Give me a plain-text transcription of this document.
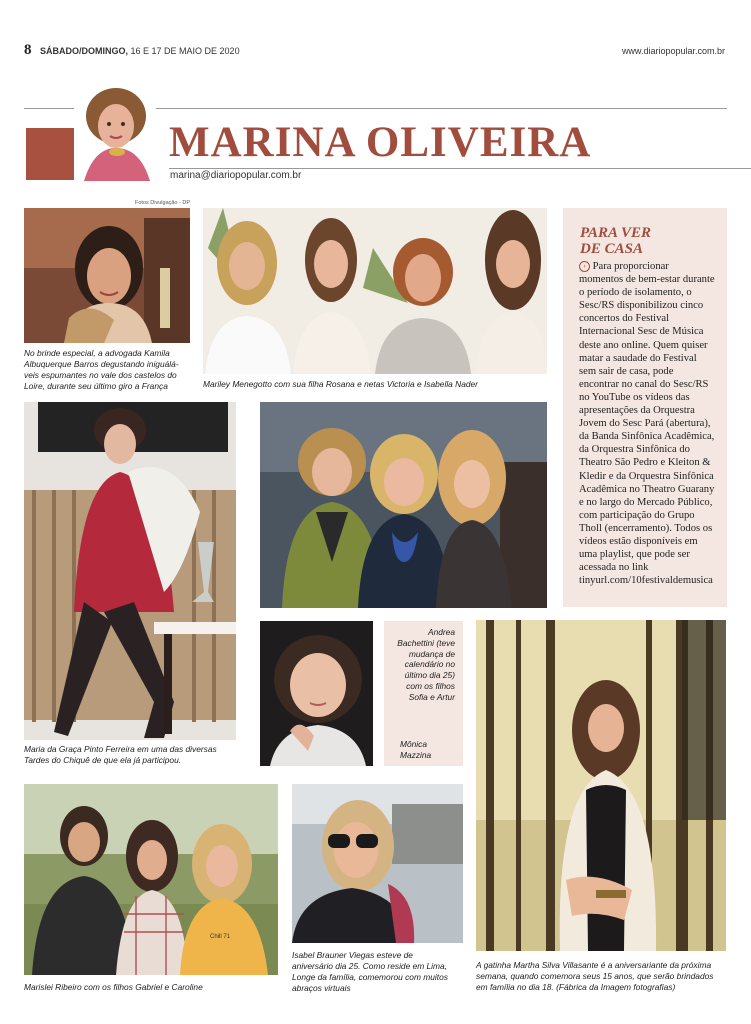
8 SÁBADO/DOMINGO, 16 E 17 DE MAIO DE 2020	www.diariopopular.com.br
MARINA OLIVEIRA
marina@diariopopular.com.br
Fotos Divulgação - DP
No brinde especial, a advogada Kamila
Albuquerque Barros degustando iniguálá-
veis espumantes no vale dos castelos do
Loire, durante seu último giro a França	Mariley Menegotto com sua filha Rosana e netas Victoria e Isabella Nader
PARA VER
DE CASA
› Para proporcionar momentos de bem-estar durante o período de isolamento, o Sesc/RS disponibilizou cinco concertos do Festival Internacional Sesc de Música deste ano online. Quem quiser matar a saudade do Festival sem sair de casa, pode encontrar no canal do Sesc/RS no YouTube os vídeos das apresentações da Orquestra Jovem do Sesc Pará (abertura), da Banda Sinfônica Acadêmica, da Orquestra Sinfônica do Theatro São Pedro e Kleiton & Kledir e da Orquestra Sinfônica Acadêmica no Theatro Guarany e no largo do Mercado Público, com participação do Grupo Tholl (encerramento). Todos os vídeos estão disponíveis em uma playlist, que pode ser acessada no link tinyurl.com/10festivaldemusica
Maria da Graça Pinto Ferreira em uma das diversas
Tardes do Chiquê de que ela já participou.
Andrea
Bachettini (teve
mudança de
calendário no
último dia 25)
com os filhos
Sofia e Artur
Mônica
Mazzina
A gatinha Martha Silva Villasante é a aniversariante da próxima
semana, quando comemora seus 15 anos, que serão brindados
em família no dia 18. (Fábrica da Imagem fotografias)
Chill 71
Marislei Ribeiro com os filhos Gabriel e Caroline
Isabel Brauner Viegas esteve de
aniversário dia 25. Como reside em Lima,
Longe da família, comemorou com muitos
abraços virtuais
